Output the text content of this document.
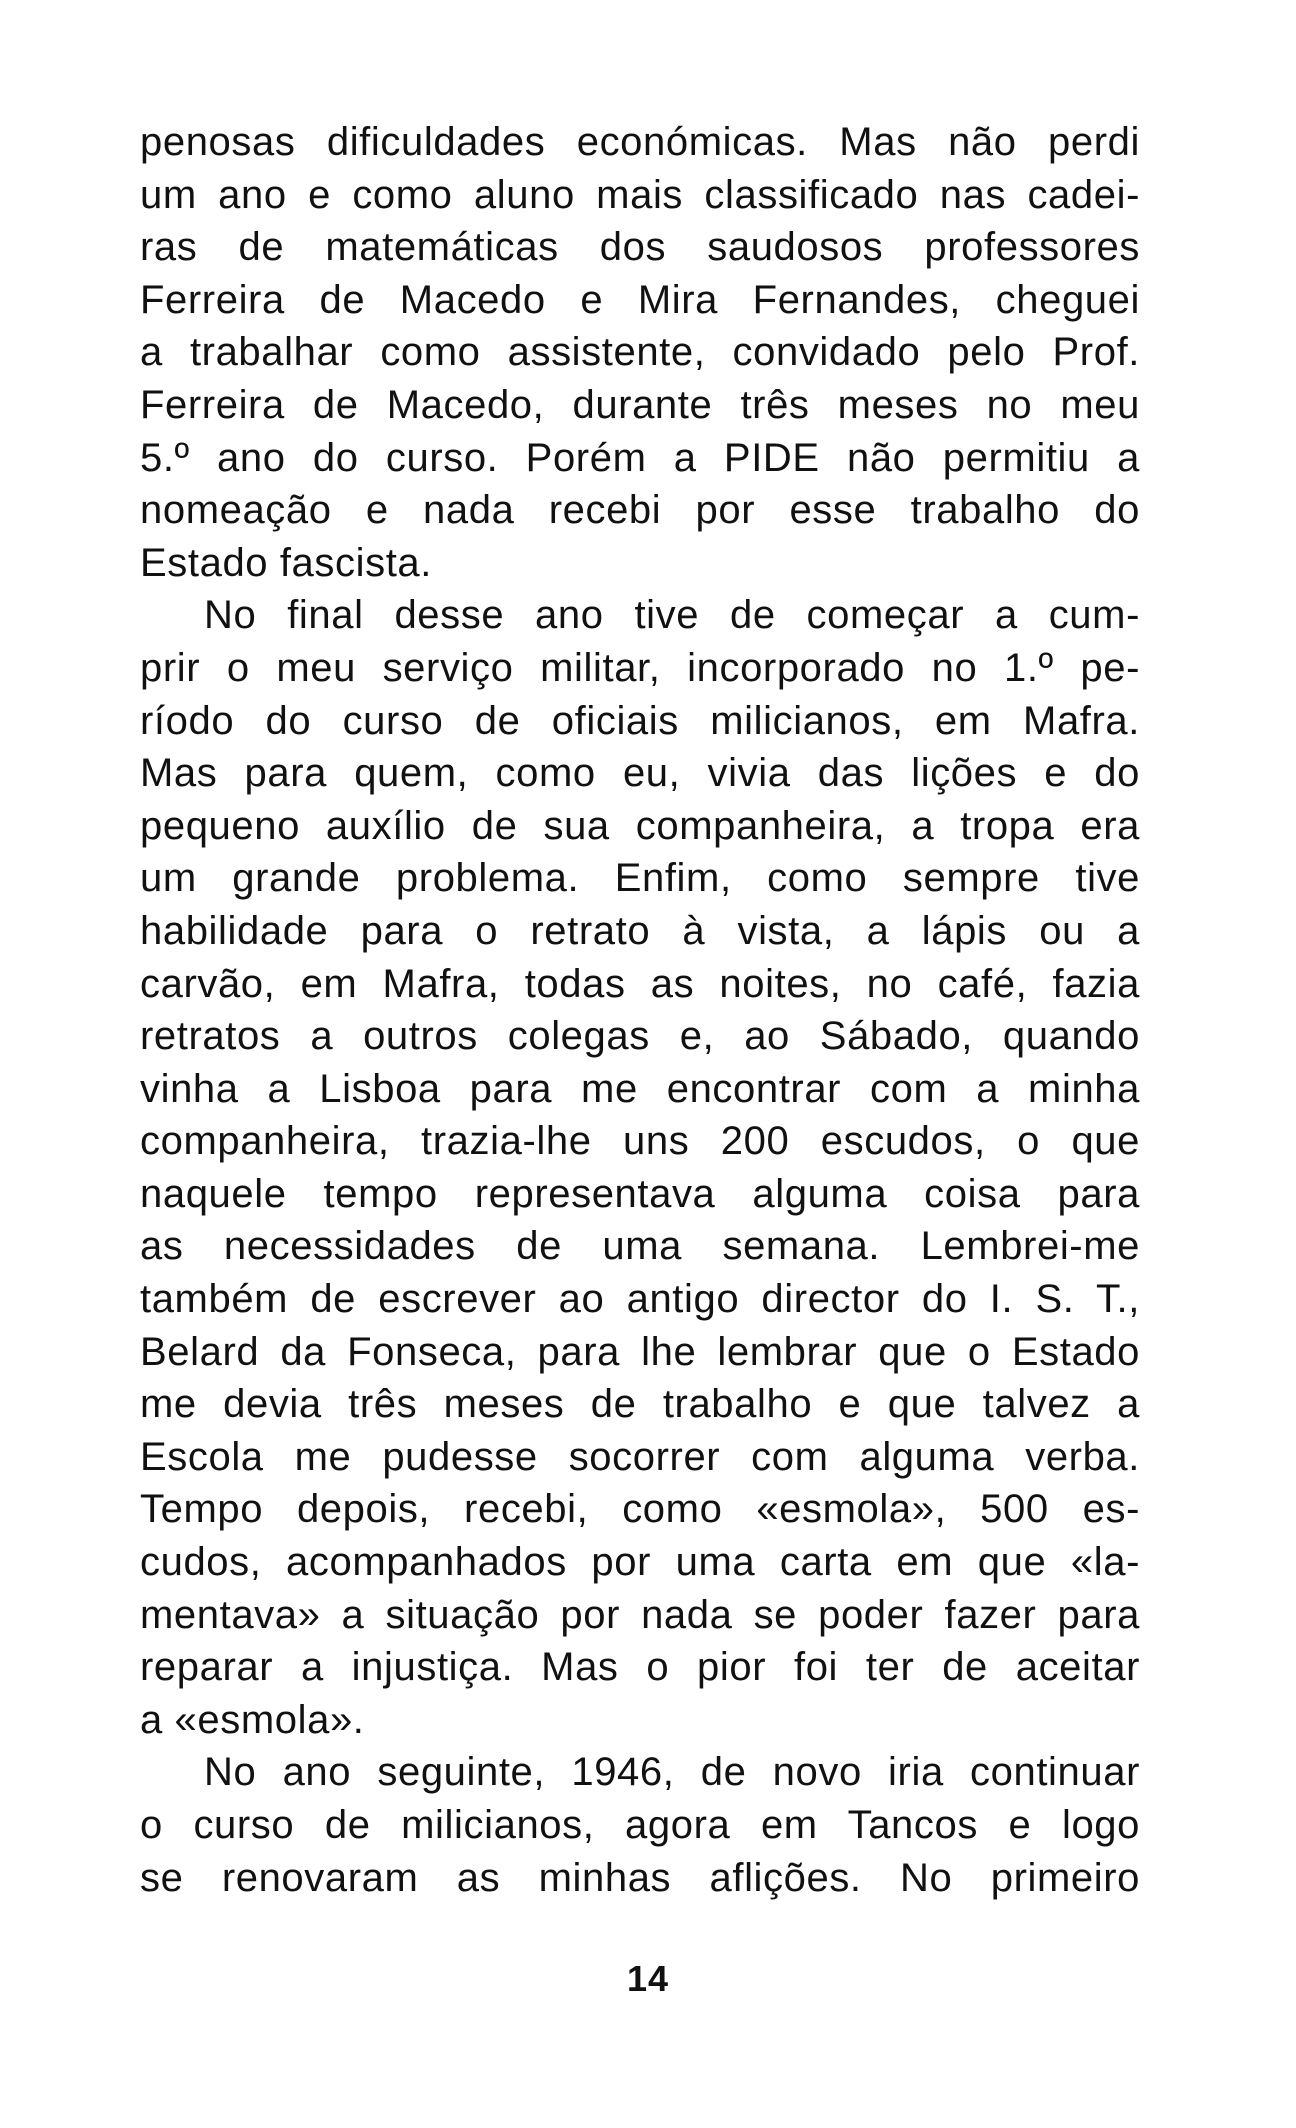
penosas dificuldades económicas. Mas não perdi
um ano e como aluno mais classificado nas cadei-
ras de matemáticas dos saudosos professores
Ferreira de Macedo e Mira Fernandes, cheguei
a trabalhar como assistente, convidado pelo Prof.
Ferreira de Macedo, durante três meses no meu
5.º ano do curso. Porém a PIDE não permitiu a
nomeação e nada recebi por esse trabalho do
Estado fascista.
No final desse ano tive de começar a cum-
prir o meu serviço militar, incorporado no 1.º pe-
ríodo do curso de oficiais milicianos, em Mafra.
Mas para quem, como eu, vivia das lições e do
pequeno auxílio de sua companheira, a tropa era
um grande problema. Enfim, como sempre tive
habilidade para o retrato à vista, a lápis ou a
carvão, em Mafra, todas as noites, no café, fazia
retratos a outros colegas e, ao Sábado, quando
vinha a Lisboa para me encontrar com a minha
companheira, trazia-lhe uns 200 escudos, o que
naquele tempo representava alguma coisa para
as necessidades de uma semana. Lembrei-me
também de escrever ao antigo director do I. S. T.,
Belard da Fonseca, para lhe lembrar que o Estado
me devia três meses de trabalho e que talvez a
Escola me pudesse socorrer com alguma verba.
Tempo depois, recebi, como «esmola», 500 es-
cudos, acompanhados por uma carta em que «la-
mentava» a situação por nada se poder fazer para
reparar a injustiça. Mas o pior foi ter de aceitar
a «esmola».
No ano seguinte, 1946, de novo iria continuar
o curso de milicianos, agora em Tancos e logo
se renovaram as minhas aflições. No primeiro
14
